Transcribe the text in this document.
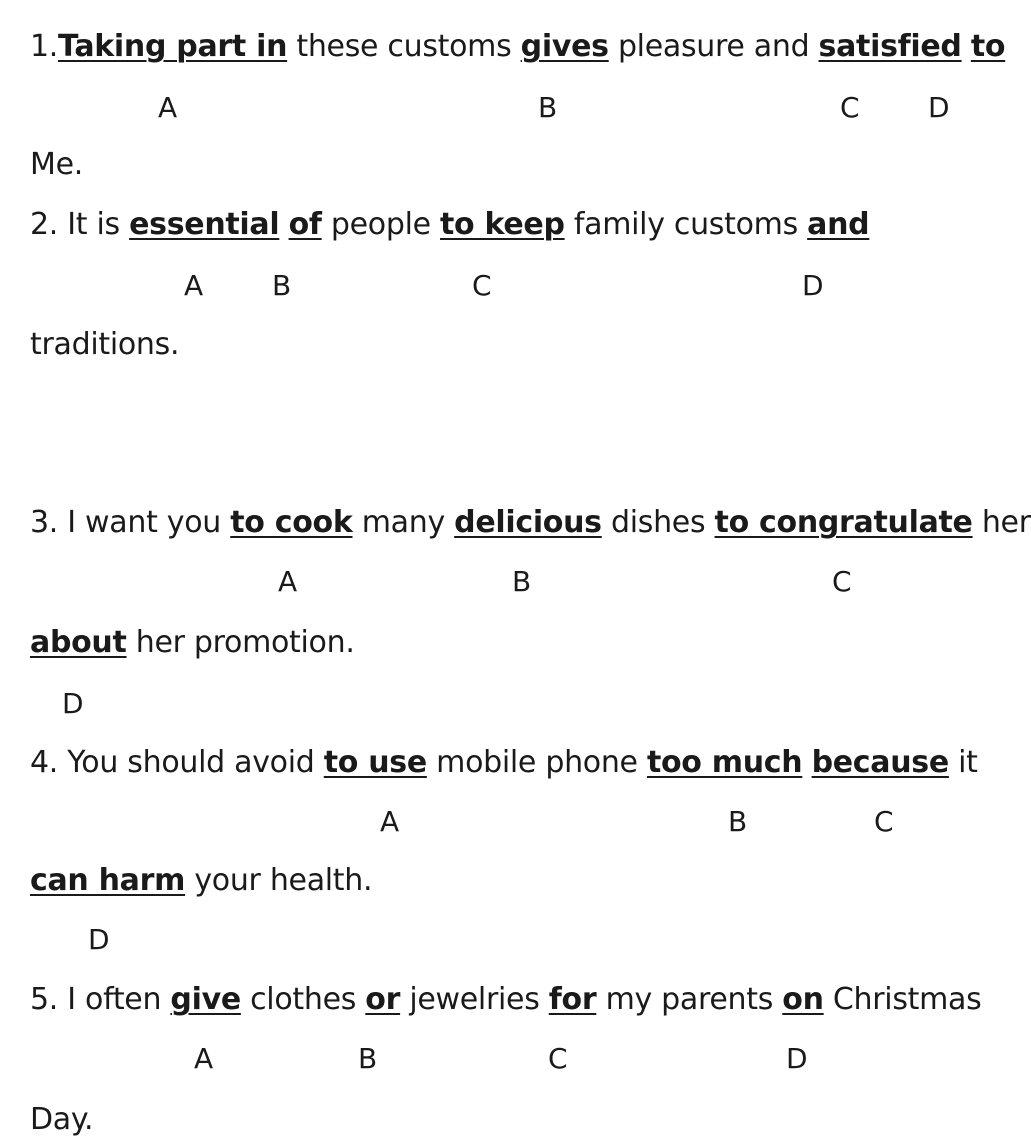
1.Taking part in these customs gives pleasure and satisfied to
A	B	C D
Me.
2. It is essential of people to keep family customs and
A B	C	D
traditions.
3. I want you to cook many delicious dishes to congratulate her
A	B	C
about her promotion.
D
4. You should avoid to use mobile phone too much because it
A	B	C
can harm your health.
D
5. I often give clothes or jewelries for my parents on Christmas
A	B	C	D
Day.
